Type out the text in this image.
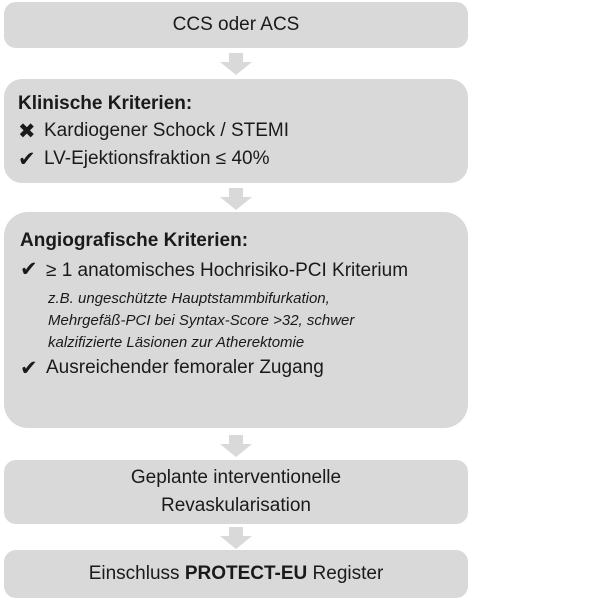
CCS oder ACS
Klinische Kriterien:
✖ Kardiogener Schock / STEMI
✔ LV-Ejektionsfraktion ≤ 40%
Angiografische Kriterien:
✔ ≥ 1 anatomisches Hochrisiko-PCI Kriterium
z.B. ungeschützte Hauptstammbifurkation,
Mehrgefäß-PCI bei Syntax-Score >32, schwer
kalzifizierte Läsionen zur Atherektomie
✔ Ausreichender femoraler Zugang
Geplante interventionelle
Revaskularisation
Einschluss PROTECT-EU Register
